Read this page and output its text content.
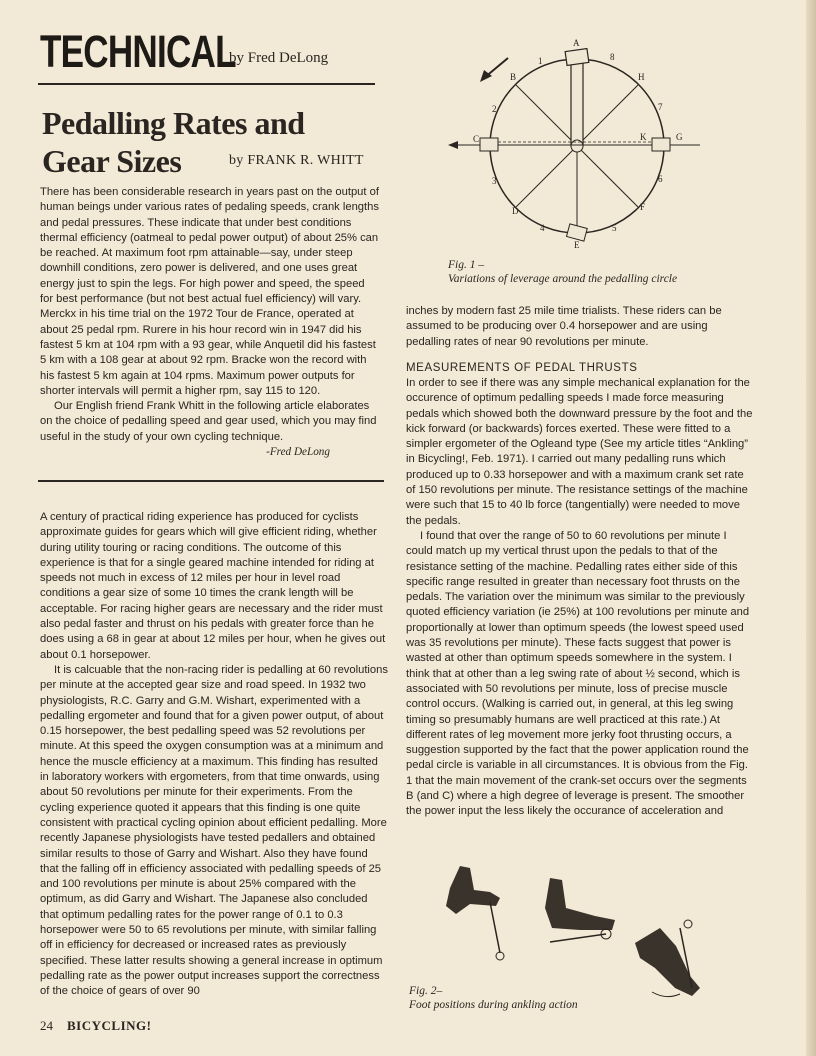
TECHNICAL
by Fred DeLong
Pedalling Rates and
Gear Sizes	by FRANK R. WHITT

There has been considerable research in years past on the output of human beings under various rates of pedaling speeds, crank lengths and pedal pressures. These indicate that under best conditions thermal efficiency (oatmeal to pedal power output) of about 25% can be reached. At maximum foot rpm attainable—say, under steep downhill conditions, zero power is delivered, and one uses great energy just to spin the legs. For high power and speed, the speed for best performance (but not best actual fuel efficiency) will vary. Merckx in his time trial on the 1972 Tour de France, operated at about 25 pedal rpm. Rurere in his hour record win in 1947 did his fastest 5 km at 104 rpm with a 93 gear, while Anquetil did his fastest 5 km with a 108 gear at about 92 rpm. Bracke won the record with his fastest 5 km again at 104 rpms. Maximum power outputs for shorter intervals will permit a higher rpm, say 115 to 120.

Our English friend Frank Whitt in the following article elaborates on the choice of pedalling speed and gear used, which you may find useful in the study of your own cycling technique.
-Fred DeLong

A century of practical riding experience has produced for cyclists approximate guides for gears which will give efficient riding, whether during utility touring or racing conditions. The outcome of this experience is that for a single geared machine intended for riding at speeds not much in excess of 12 miles per hour in level road conditions a gear size of some 10 times the crank length will be acceptable. For racing higher gears are necessary and the rider must also pedal faster and thrust on his pedals with greater force than he does using a 68 in gear at about 12 miles per hour, when he gives out about 0.1 horsepower.

It is calcuable that the non-racing rider is pedalling at 60 revolutions per minute at the accepted gear size and road speed. In 1932 two physiologists, R.C. Garry and G.M. Wishart, experimented with a pedalling ergometer and found that for a given power output, of about 0.15 horsepower, the best pedalling speed was 52 revolutions per minute. At this speed the oxygen consumption was at a minimum and hence the muscle efficiency at a maximum. This finding has resulted in laboratory workers with ergometers, from that time onwards, using about 50 revolutions per minute for their experiments. From the cycling experience quoted it appears that this finding is one quite consistent with practical cycling opinion about efficient pedalling. More recently Japanese physiologists have tested pedallers and obtained similar results to those of Garry and Wishart. Also they have found that the falling off in efficiency associated with pedalling speeds of 25 and 100 revolutions per minute is about 25% compared with the optimum, as did Garry and Wishart. The Japanese also concluded that optimum pedalling rates for the power range of 0.1 to 0.3 horsepower were 50 to 65 revolutions per minute, with similar falling off in efficiency for decreased or increased rates as previously specified. These latter results showing a general increase in optimum pedalling rate as the power output increases support the correctness of the choice of gears of over 90

A
B
C
D
E
F
G
H
K
1
2
3
4	5
6
7
8
Fig. 1 –
Variations of leverage around the pedalling circle

inches by modern fast 25 mile time trialists. These riders can be assumed to be producing over 0.4 horsepower and are using pedalling rates of near 90 revolutions per minute.

MEASUREMENTS OF PEDAL THRUSTS

In order to see if there was any simple mechanical explanation for the occurence of optimum pedalling speeds I made force measuring pedals which showed both the downward pressure by the foot and the kick forward (or backwards) forces exerted. These were fitted to a simpler ergometer of the Ogleand type (See my article titles “Ankling” in Bicycling!, Feb. 1971). I carried out many pedalling runs which produced up to 0.33 horsepower and with a maximum crank set rate of 150 revolutions per minute. The resistance settings of the machine were such that 15 to 40 lb force (tangentially) were needed to move the pedals.

I found that over the range of 50 to 60 revolutions per minute I could match up my vertical thrust upon the pedals to that of the resistance setting of the machine. Pedalling rates either side of this specific range resulted in greater than necessary foot thrusts on the pedals. The variation over the minimum was similar to the previously quoted efficiency variation (ie 25%) at 100 revolutions per minute and proportionally at lower than optimum speeds (the lowest speed used was 35 revolutions per minute). These facts suggest that power is wasted at other than optimum speeds somewhere in the system. I think that at other than a leg swing rate of about ½ second, which is associated with 50 revolutions per minute, loss of precise muscle control occurs. (Walking is carried out, in general, at this leg swing timing so presumably humans are well practiced at this rate.) At different rates of leg movement more jerky foot thrusting occurs, a suggestion supported by the fact that the power application round the pedal circle is variable in all circumstances. It is obvious from the Fig. 1 that the main movement of the crank-set occurs over the segments B (and C) where a high degree of leverage is present. The smoother the power input the less likely the occurance of acceleration and

Fig. 2–
Foot positions during ankling action
24 BICYCLING!
